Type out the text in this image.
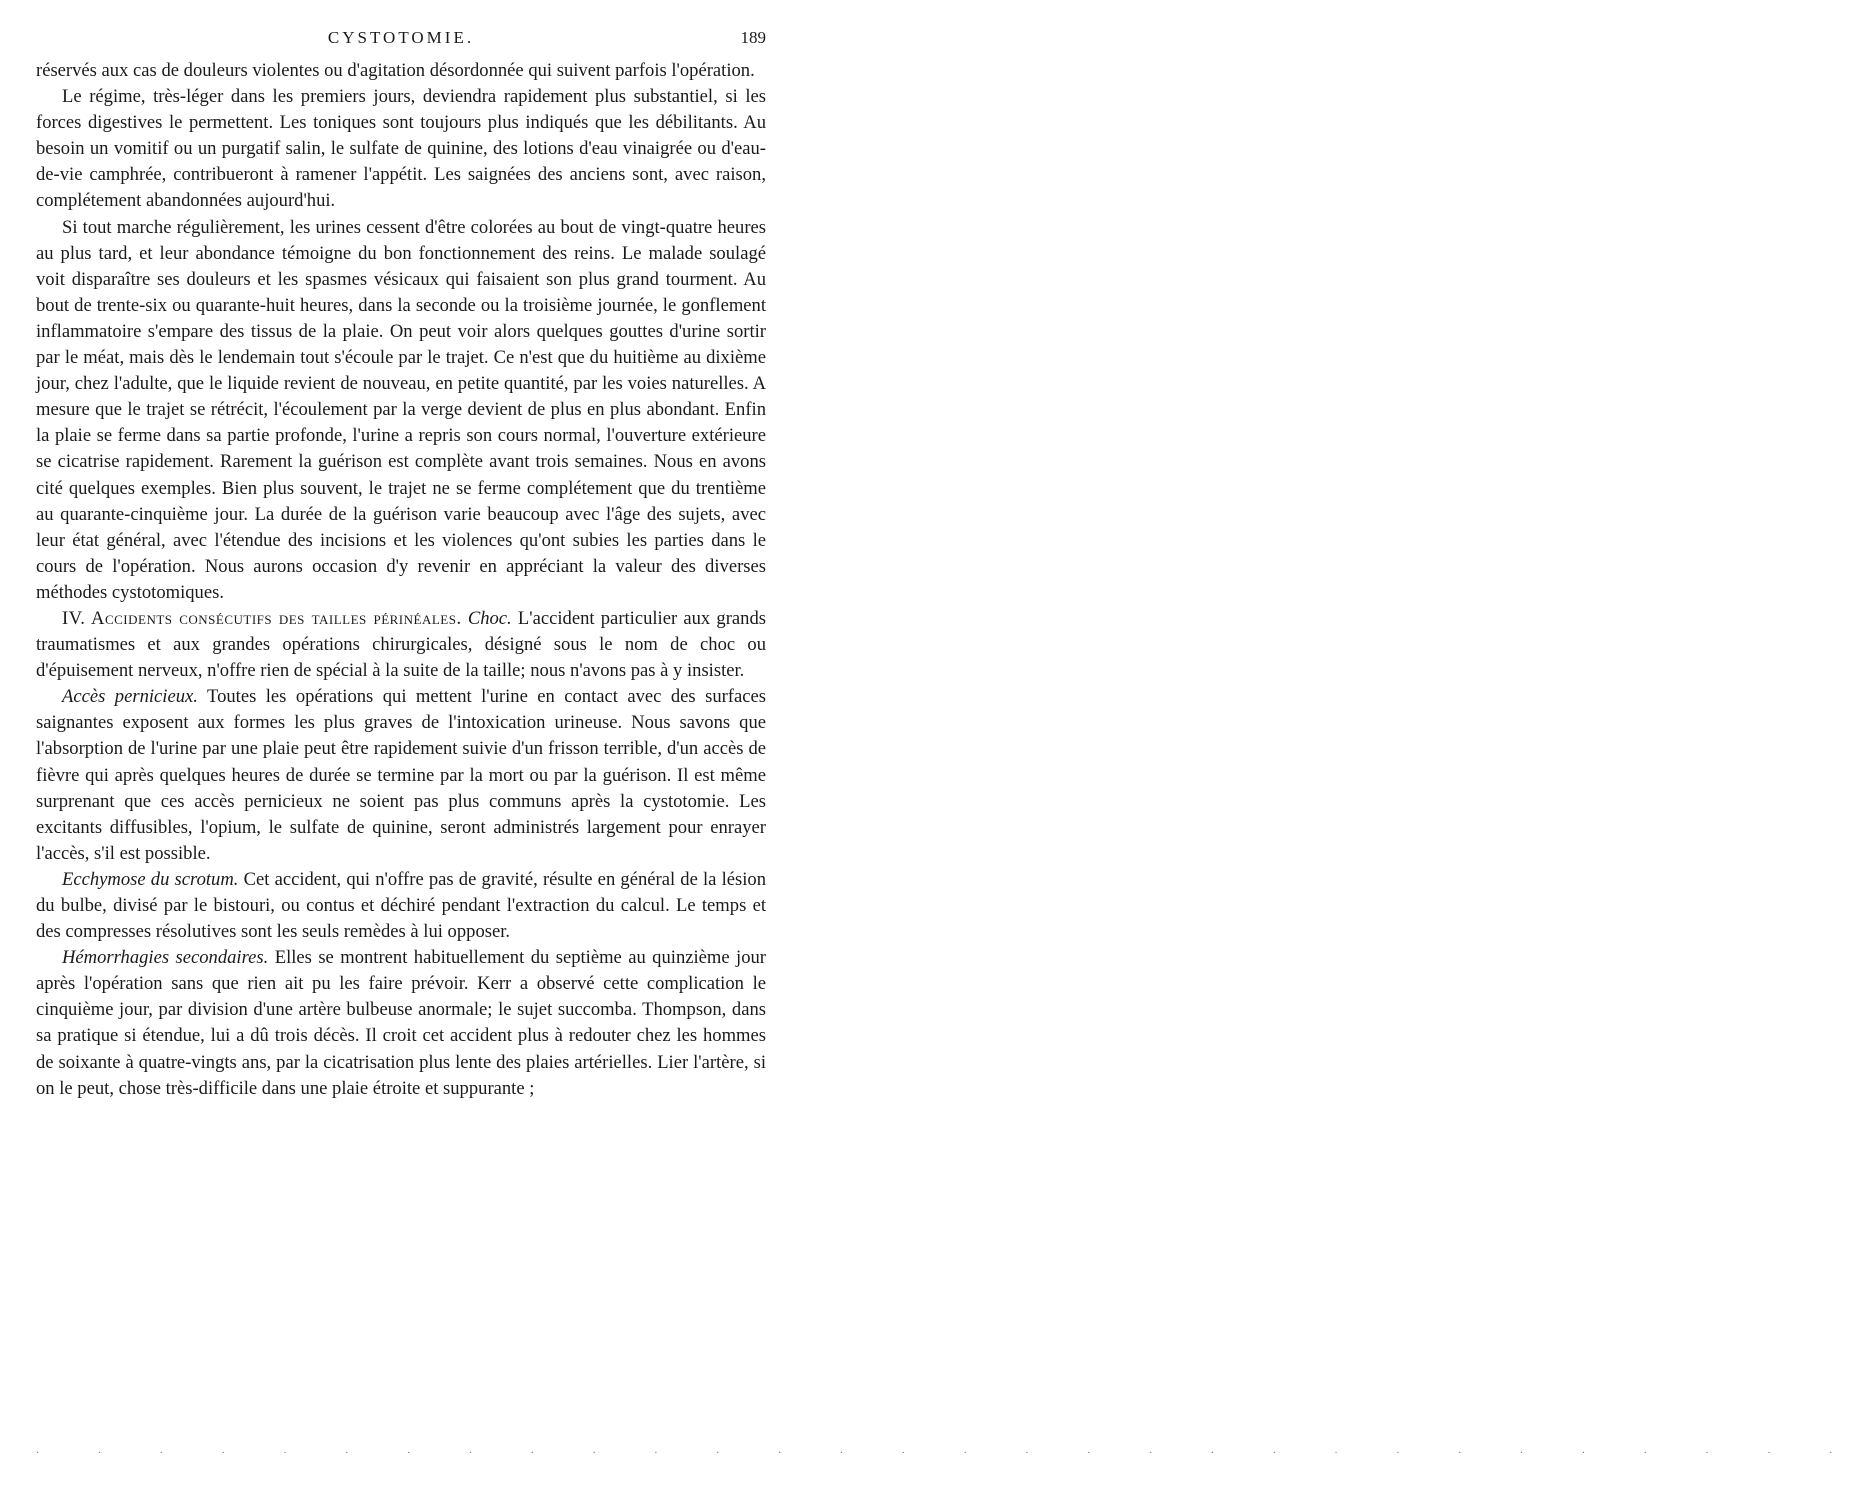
CYSTOTOMIE.	189

réservés aux cas de douleurs violentes ou d'agitation désordonnée qui suivent parfois l'opération.

Le régime, très-léger dans les premiers jours, deviendra rapidement plus substantiel, si les forces digestives le permettent. Les toniques sont toujours plus indiqués que les débilitants. Au besoin un vomitif ou un purgatif salin, le sulfate de quinine, des lotions d'eau vinaigrée ou d'eau-de-vie camphrée, contribueront à ramener l'appétit. Les saignées des anciens sont, avec raison, complétement abandonnées aujourd'hui.

Si tout marche régulièrement, les urines cessent d'être colorées au bout de vingt-quatre heures au plus tard, et leur abondance témoigne du bon fonctionnement des reins. Le malade soulagé voit disparaître ses douleurs et les spasmes vésicaux qui faisaient son plus grand tourment. Au bout de trente-six ou quarante-huit heures, dans la seconde ou la troisième journée, le gonflement inflammatoire s'empare des tissus de la plaie. On peut voir alors quelques gouttes d'urine sortir par le méat, mais dès le lendemain tout s'écoule par le trajet. Ce n'est que du huitième au dixième jour, chez l'adulte, que le liquide revient de nouveau, en petite quantité, par les voies naturelles. A mesure que le trajet se rétrécit, l'écoulement par la verge devient de plus en plus abondant. Enfin la plaie se ferme dans sa partie profonde, l'urine a repris son cours normal, l'ouverture extérieure se cicatrise rapidement. Rarement la guérison est complète avant trois semaines. Nous en avons cité quelques exemples. Bien plus souvent, le trajet ne se ferme complétement que du trentième au quarante-cinquième jour. La durée de la guérison varie beaucoup avec l'âge des sujets, avec leur état général, avec l'étendue des incisions et les violences qu'ont subies les parties dans le cours de l'opération. Nous aurons occasion d'y revenir en appréciant la valeur des diverses méthodes cystotomiques.

IV. Accidents consécutifs des tailles périnéales. Choc. L'accident particulier aux grands traumatismes et aux grandes opérations chirurgicales, désigné sous le nom de choc ou d'épuisement nerveux, n'offre rien de spécial à la suite de la taille; nous n'avons pas à y insister.

Accès pernicieux. Toutes les opérations qui mettent l'urine en contact avec des surfaces saignantes exposent aux formes les plus graves de l'intoxication urineuse. Nous savons que l'absorption de l'urine par une plaie peut être rapidement suivie d'un frisson terrible, d'un accès de fièvre qui après quelques heures de durée se termine par la mort ou par la guérison. Il est même surprenant que ces accès pernicieux ne soient pas plus communs après la cystotomie. Les excitants diffusibles, l'opium, le sulfate de quinine, seront administrés largement pour enrayer l'accès, s'il est possible.

Ecchymose du scrotum. Cet accident, qui n'offre pas de gravité, résulte en général de la lésion du bulbe, divisé par le bistouri, ou contus et déchiré pendant l'extraction du calcul. Le temps et des compresses résolutives sont les seuls remèdes à lui opposer.

Hémorrhagies secondaires. Elles se montrent habituellement du septième au quinzième jour après l'opération sans que rien ait pu les faire prévoir. Kerr a observé cette complication le cinquième jour, par division d'une artère bulbeuse anormale; le sujet succomba. Thompson, dans sa pratique si étendue, lui a dû trois décès. Il croit cet accident plus à redouter chez les hommes de soixante à quatre-vingts ans, par la cicatrisation plus lente des plaies artérielles. Lier l'artère, si on le peut, chose très-difficile dans une plaie étroite et suppurante ;

· · · · · · · · · · · · · · · · · · · · · · · · · · · · · ·
